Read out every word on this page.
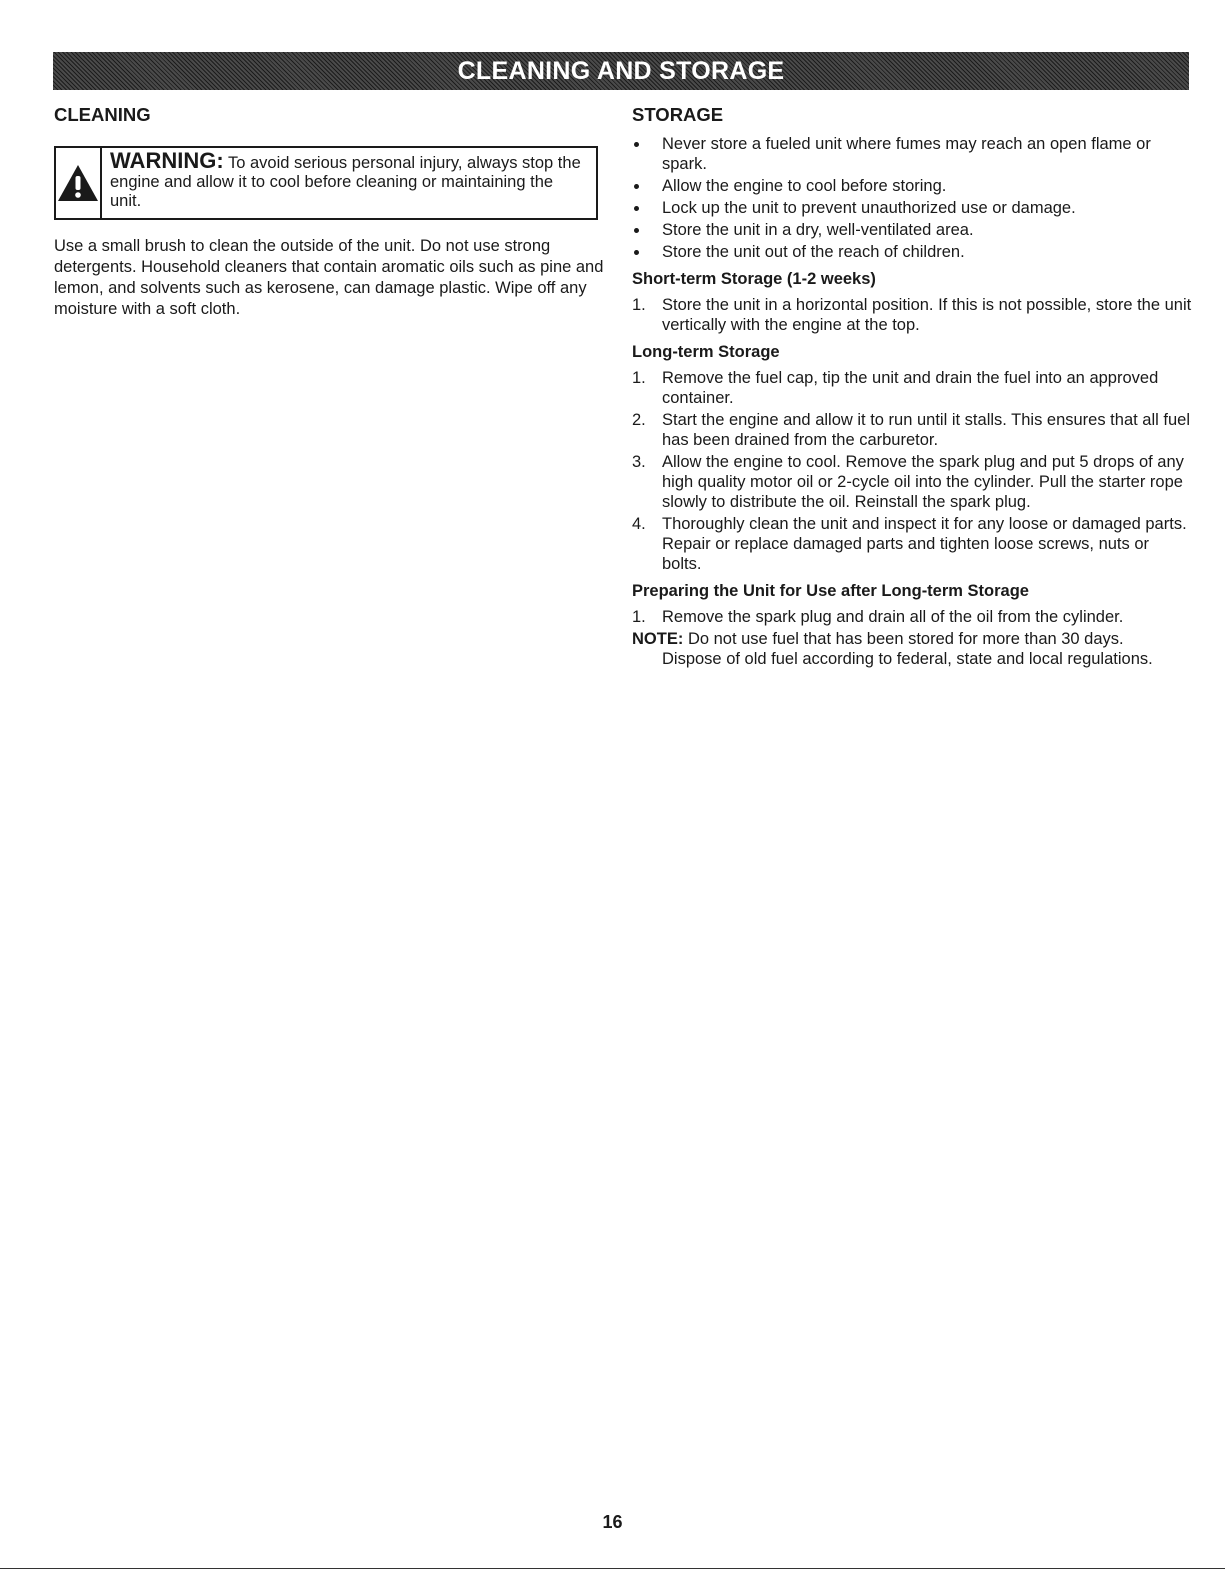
CLEANING AND STORAGE
CLEANING
WARNING: To avoid serious personal injury, always stop the engine and allow it to cool before cleaning or maintaining the unit.
Use a small brush to clean the outside of the unit. Do not use strong detergents. Household cleaners that contain aromatic oils such as pine and lemon, and solvents such as kerosene, can damage plastic. Wipe off any moisture with a soft cloth.
STORAGE
Never store a fueled unit where fumes may reach an open flame or spark.
Allow the engine to cool before storing.
Lock up the unit to prevent unauthorized use or damage.
Store the unit in a dry, well-ventilated area.
Store the unit out of the reach of children.
Short-term Storage (1-2 weeks)
1. Store the unit in a horizontal position. If this is not possible, store the unit vertically with the engine at the top.
Long-term Storage
1. Remove the fuel cap, tip the unit and drain the fuel into an approved container.
2. Start the engine and allow it to run until it stalls. This ensures that all fuel has been drained from the carburetor.
3. Allow the engine to cool. Remove the spark plug and put 5 drops of any high quality motor oil or 2-cycle oil into the cylinder. Pull the starter rope slowly to distribute the oil. Reinstall the spark plug.
4. Thoroughly clean the unit and inspect it for any loose or damaged parts. Repair or replace damaged parts and tighten loose screws, nuts or bolts.
Preparing the Unit for Use after Long-term Storage
1. Remove the spark plug and drain all of the oil from the cylinder.
NOTE: Do not use fuel that has been stored for more than 30 days.
Dispose of old fuel according to federal, state and local regulations.
16
